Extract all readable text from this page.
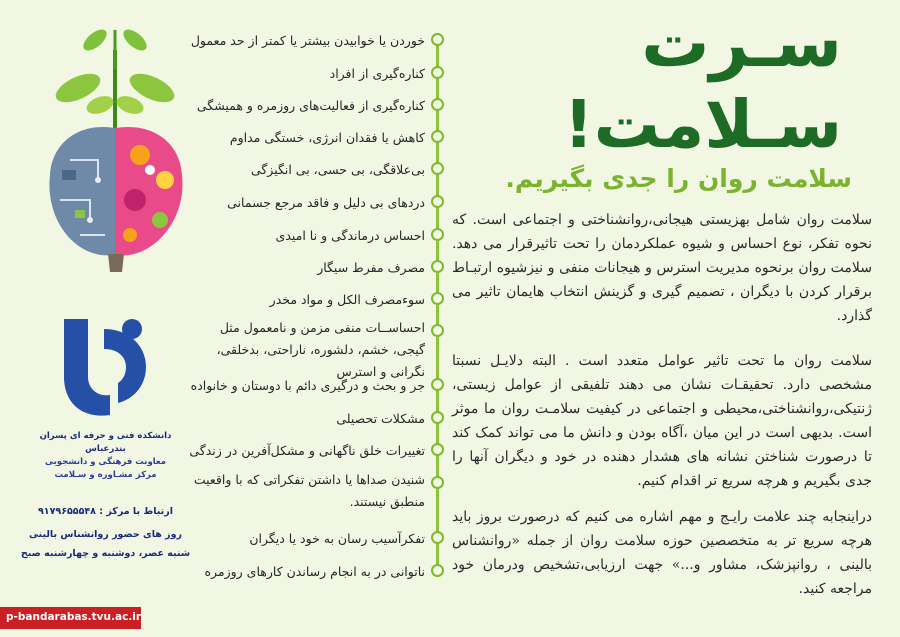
سـرت
سـلامت!
سلامت روان را جدی بگیریم.

سلامت روان شامل بهزیستی هیجانی،روانشناختی و اجتماعی است. که نحوه تفکر، نوع احساس و شیوه عملکردمان را تحت تاثیرقرار می دهد. سلامت روان برنحوه مدیریت استرس و هیجانات منفی و نیزشیوه ارتبـاط برقرار کردن با دیگران ، تصمیم گیری و گزینش انتخاب هایمان تاثیر می گذارد.

سلامت روان ما تحت تاثیر عوامل متعدد است . البته دلایـل نسبتا مشخصی دارد. تحقیقـات نشان می دهند تلفیقی از عوامل زیستی، ژنتیکی،روانشناختی،محیطی و اجتماعی در کیفیت سلامـت روان ما موثر است. بدیهی است در این میان ،آگاه بودن و دانش ما می تواند کمک کند تا درصورت شناختن نشانه های هشدار دهنده در خود و دیگران آنها را جدی بگیریم و هرچه سریع تر اقدام کنیم.

دراینجابه چند علامت رایـج و مهم اشاره می کنیم که درصورت بروز باید هرچه سریع تر به متخصصین حوزه سلامت روان از جمله «روانشناس بالینی ، روانپزشک، مشاور و...» جهت ارزیابی،تشخیص ودرمان خود مراجعه کنید.

خوردن یا خوابیدن بیشتر یا کمتر از حد معمول
کناره‌گیری از افراد
کناره‌گیری از فعالیت‌های روزمره و همیشگی
کاهش یا فقدان انرژی، خستگی مداوم
بی‌علاقگی، بی حسی، بی انگیزگی
دردهای بی دلیل و فاقد مرجع جسمانی
احساس درماندگی و نا امیدی
مصرف مفرط سیگار
سوءمصرف الکل و مواد مخدر
احساســات منفی مزمن و نامعمول مثل گیجی، خشم، دلشوره، ناراحتی، بدخلقی، نگرانی و استرس
جر و بحث و درگیری دائم با دوستان و خانواده
مشکلات تحصیلی
تغییرات خلق ناگهانی و مشکل‌آفرین در زندگی
شنیدن صداها یا داشتن تفکراتی که با واقعیت منطبق نیستند.
تفکرآسیب رسان به خود یا دیگران
ناتوانی در به انجام رساندن کارهای روزمره
دانشکده فنی و حرفه ای پسران بندرعباس
معاونت فرهنگی و دانشجویی
مرکز مشـاوره و سـلامت
ارتباط با مرکز : ۹۱۷۹۶۵۵۵۴۸
روز های حضور روانشناس بالینی
شنبه عصر، دوشنبه و چهارشنبه صبح
p-bandarabas.tvu.ac.ir
